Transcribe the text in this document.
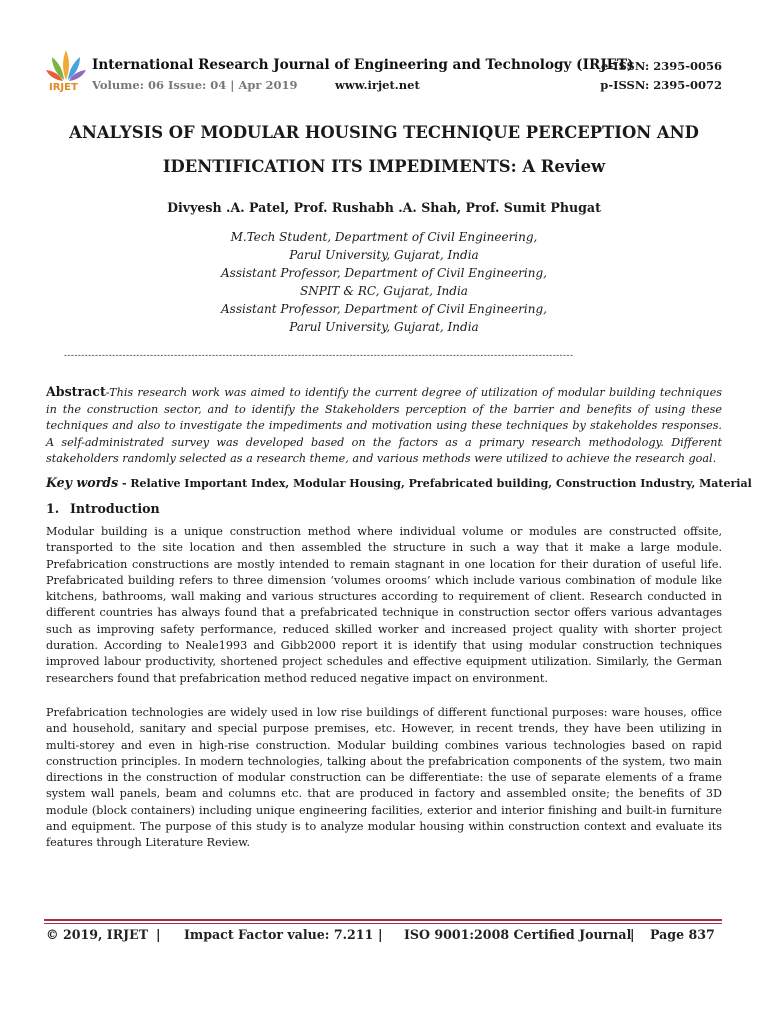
IRJET
International Research Journal of Engineering and Technology (IRJET)
e-ISSN: 2395-0056
Volume: 06 Issue: 04 | Apr 2019	www.irjet.net	p-ISSN: 2395-0072
ANALYSIS OF MODULAR HOUSING TECHNIQUE PERCEPTION AND
IDENTIFICATION ITS IMPEDIMENTS: A Review
Divyesh .A. Patel, Prof. Rushabh .A. Shah, Prof. Sumit Phugat
M.Tech Student, Department of Civil Engineering,
Parul University, Gujarat, India
Assistant Professor, Department of Civil Engineering,
SNPIT & RC, Gujarat, India
Assistant Professor, Department of Civil Engineering,
Parul University, Gujarat, India
----------------------------------------------------------------------------------------------------------------------------------------------------
Abstract-This research work was aimed to identify the current degree of utilization of modular building techniques in the construction sector, and to identify the Stakeholders perception of the barrier and benefits of using these techniques and also to investigate the impediments and motivation using these techniques by stakeholdes responses. A self-administrated survey was developed based on the factors as a primary research methodology. Different stakeholders randomly selected as a research theme, and various methods were utilized to achieve the research goal.
Key words - Relative Important Index, Modular Housing, Prefabricated building, Construction Industry, Material
1. Introduction
Modular building is a unique construction method where individual volume or modules are constructed offsite, transported to the site location and then assembled the structure in such a way that it make a large module. Prefabrication constructions are mostly intended to remain stagnant in one location for their duration of useful life. Prefabricated building refers to three dimension ‘volumes orooms’ which include various combination of module like kitchens, bathrooms, wall making and various structures according to requirement of client. Research conducted in different countries has always found that a prefabricated technique in construction sector offers various advantages such as improving safety performance, reduced skilled worker and increased project quality with shorter project duration. According to Neale1993 and Gibb2000 report it is identify that using modular construction techniques improved labour productivity, shortened project schedules and effective equipment utilization. Similarly, the German researchers found that prefabrication method reduced negative impact on environment.
Prefabrication technologies are widely used in low rise buildings of different functional purposes: ware houses, office and household, sanitary and special purpose premises, etc. However, in recent trends, they have been utilizing in multi-storey and even in high-rise construction. Modular building combines various technologies based on rapid construction principles. In modern technologies, talking about the prefabrication components of the system, two main directions in the construction of modular construction can be differentiate: the use of separate elements of a frame system wall panels, beam and columns etc. that are produced in factory and assembled onsite; the benefits of 3D module (block containers) including unique engineering facilities, exterior and interior finishing and built-in furniture and equipment. The purpose of this study is to analyze modular housing within construction context and evaluate its features through Literature Review.
© 2019, IRJET | Impact Factor value: 7.211 | ISO 9001:2008 Certified Journal| Page 837
